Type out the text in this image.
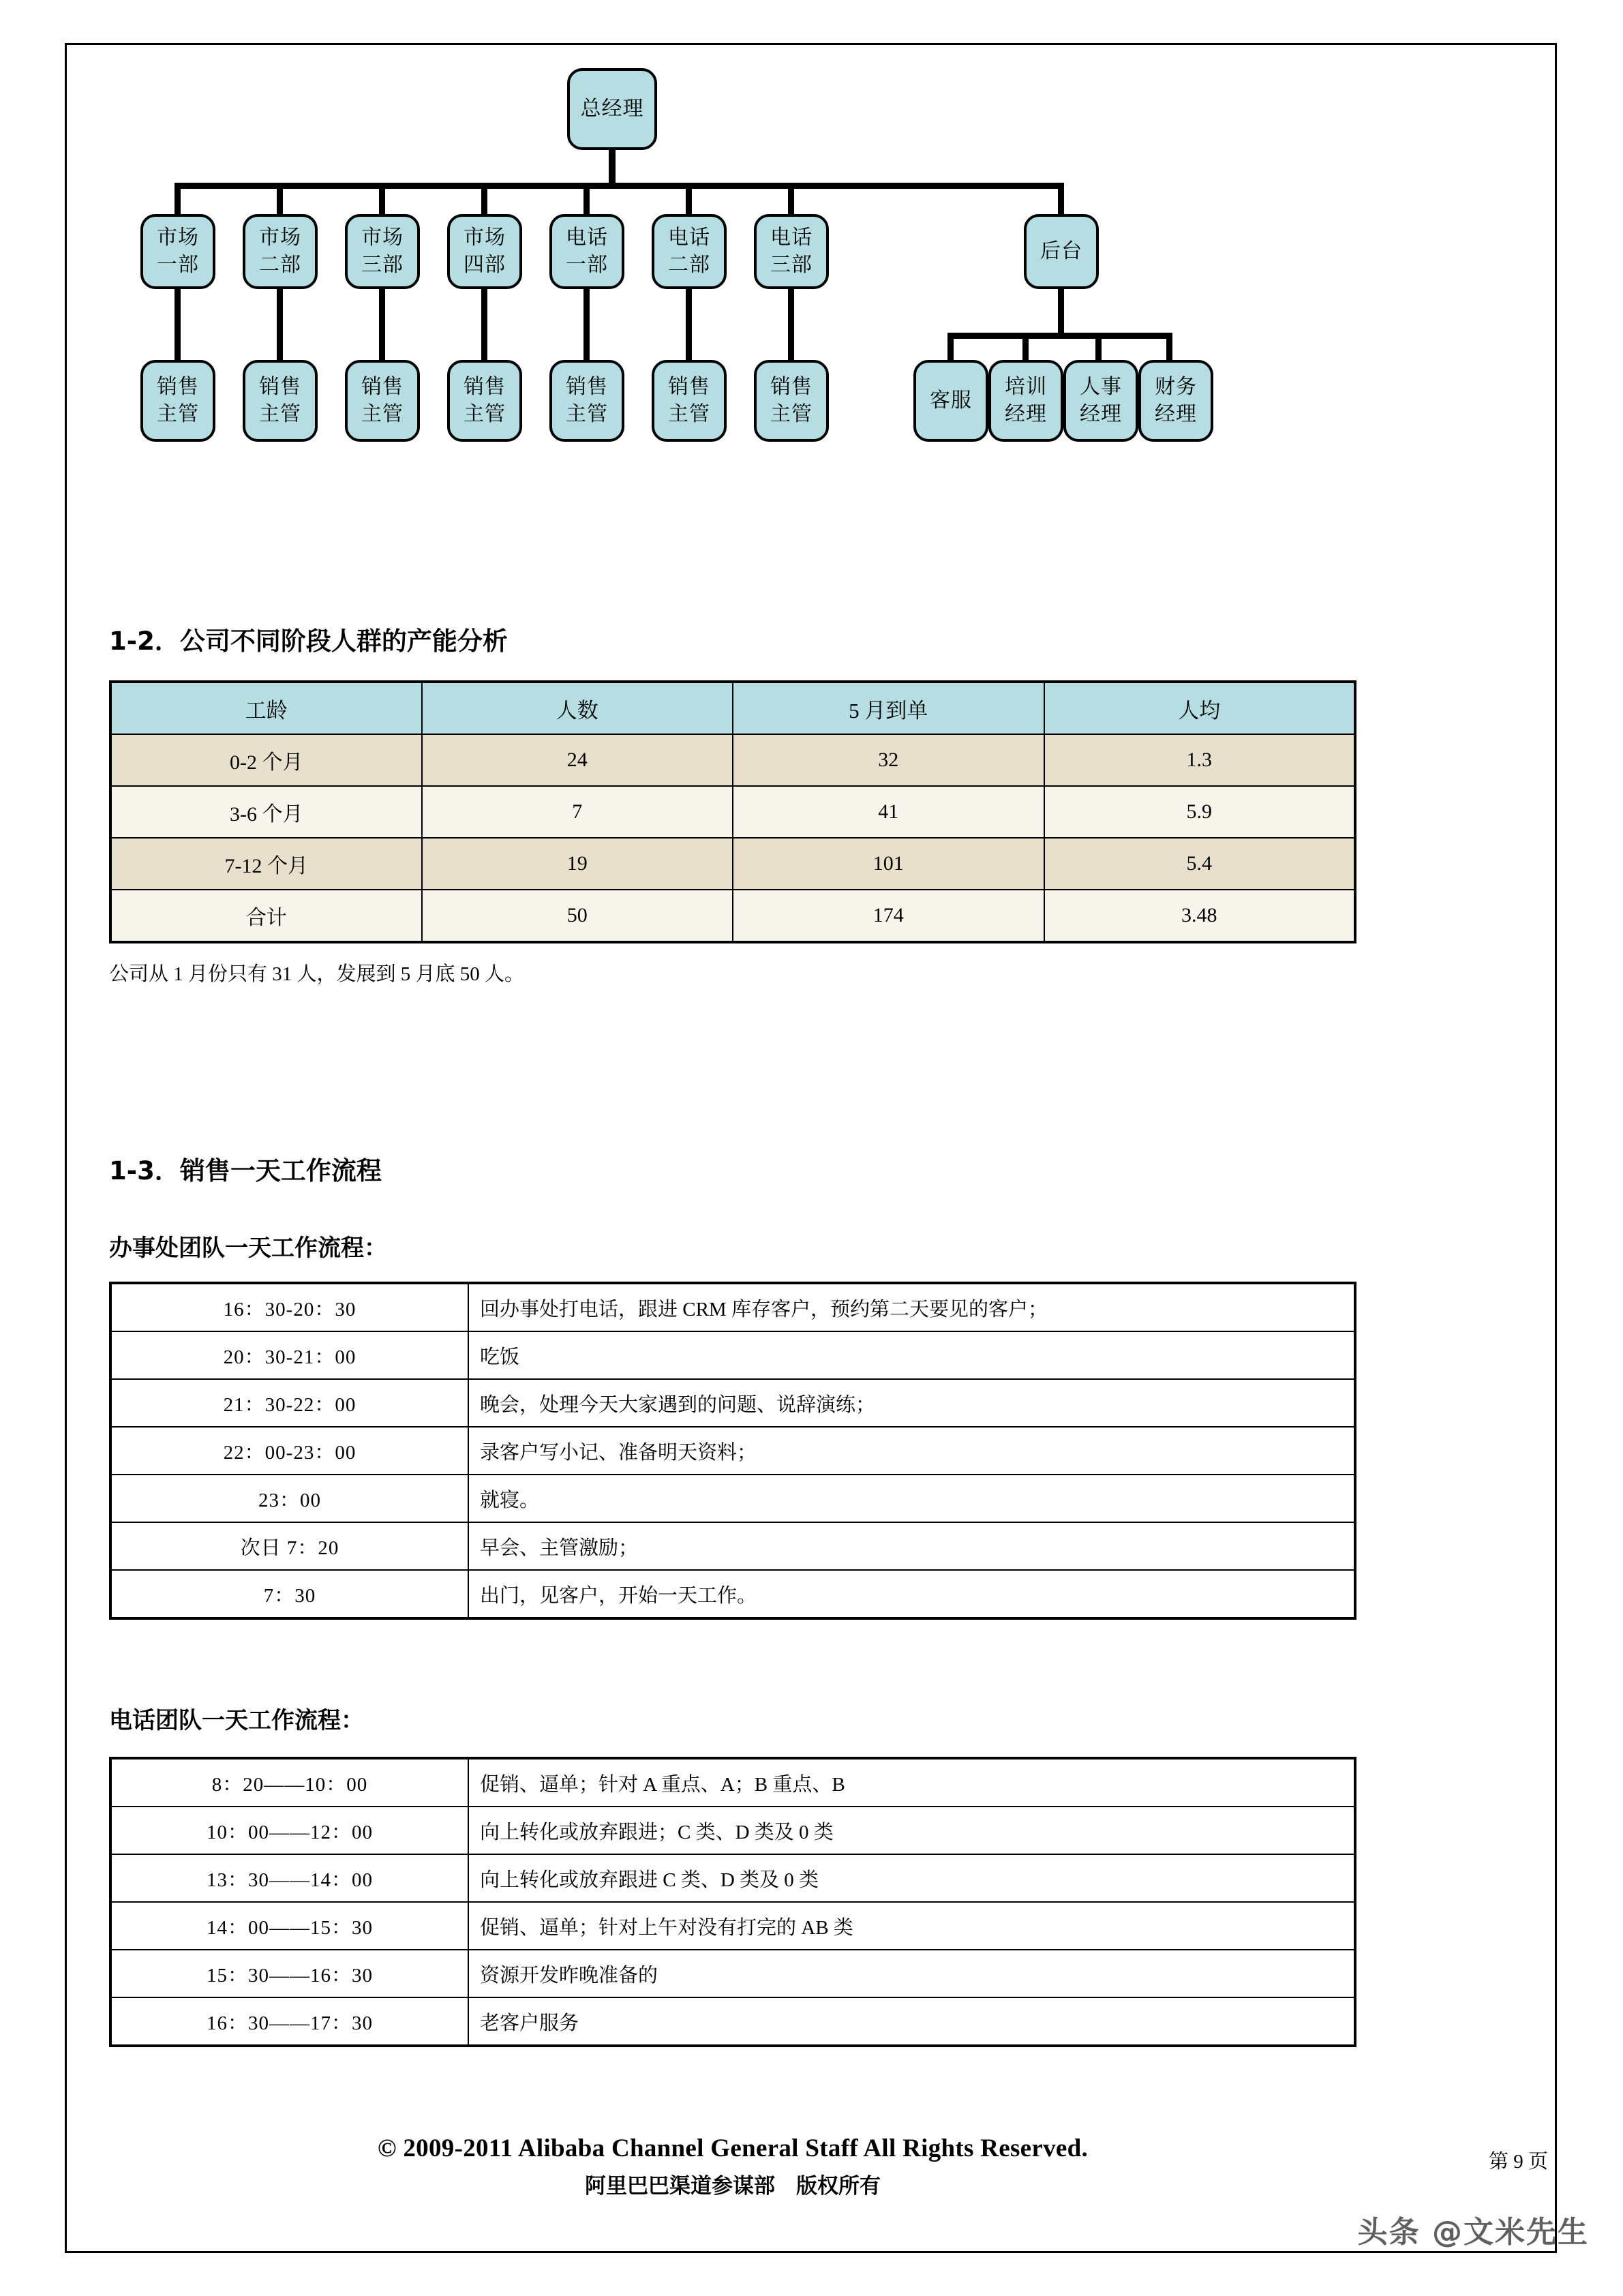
总经理
市场
一部
市场
二部
市场
三部
市场
四部
电话
一部
电话
二部
电话
三部
后台
销售
主管
销售
主管
销售
主管
销售
主管
销售
主管
销售
主管
销售
主管
客服
培训
经理
人事
经理
财务
经理
1-2．公司不同阶段人群的产能分析
工龄	人数	5 月到单	人均
0-2 个月	24	32	1.3
3-6 个月	7	41	5.9
7-12 个月	19	101	5.4
合计	50	174	3.48

公司从 1 月份只有 31 人，发展到 5 月底 50 人。

1-3．销售一天工作流程
办事处团队一天工作流程：
16：30-20：30	回办事处打电话，跟进 CRM 库存客户，预约第二天要见的客户；
20：30-21：00	吃饭
21：30-22：00	晚会，处理今天大家遇到的问题、说辞演练；
22：00-23：00	录客户写小记、准备明天资料；
23：00	就寝。
次日 7：20	早会、主管激励；
7：30	出门，见客户，开始一天工作。
电话团队一天工作流程：
8：20——10：00	促销、逼单；针对 A 重点、A；B 重点、B
10：00——12：00	向上转化或放弃跟进；C 类、D 类及 0 类
13：30——14：00	向上转化或放弃跟进 C 类、D 类及 0 类
14：00——15：30	促销、逼单；针对上午对没有打完的 AB 类
15：30——16：30	资源开发昨晚准备的
16：30——17：30	老客户服务
© 2009-2011 Alibaba Channel General Staff All Rights Reserved.
阿里巴巴渠道参谋部　版权所有
第 9 页
头条 @文米先生
